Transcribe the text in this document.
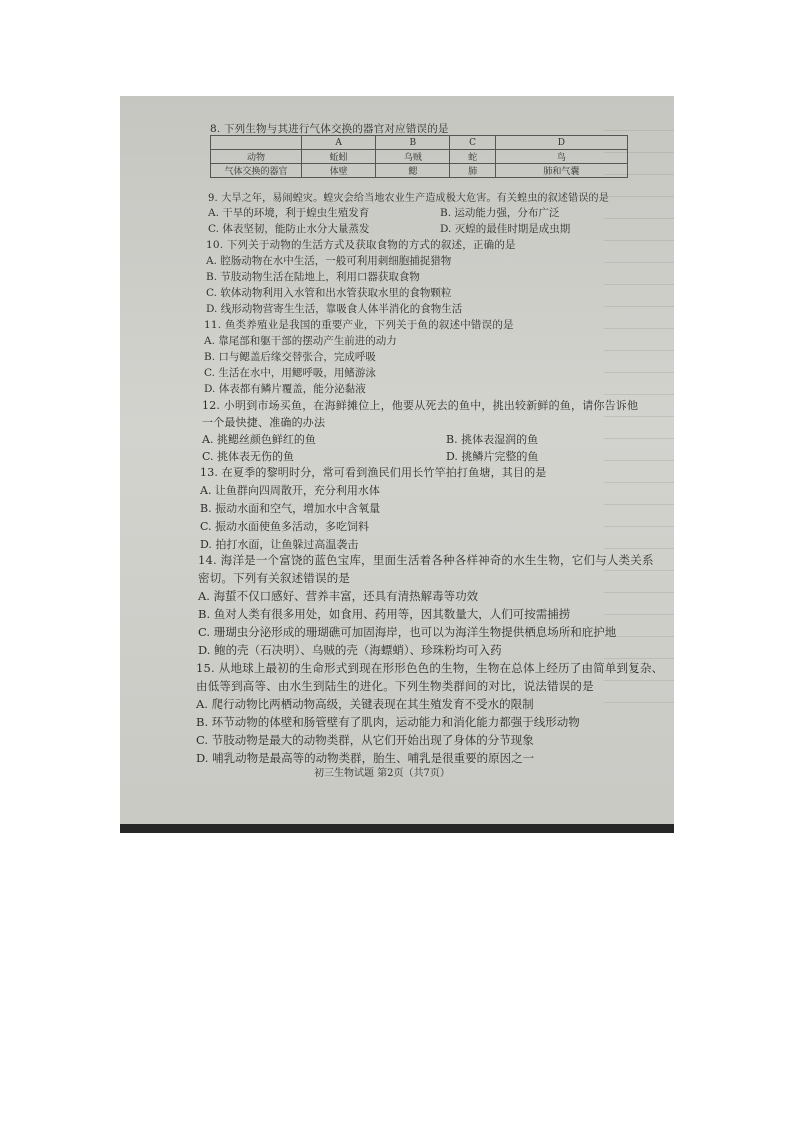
8. 下列生物与其进行气体交换的器官对应错误的是
	A	B	C	D
动物	蚯蚓	乌贼	蛇	鸟
气体交换的器官	体壁	鳃	肺	肺和气囊
9. 大旱之年，易闹蝗灾。蝗灾会给当地农业生产造成极大危害。有关蝗虫的叙述错误的是
A. 干旱的环境，利于蝗虫生殖发育	B. 运动能力强，分布广泛
C. 体表坚韧，能防止水分大量蒸发	D. 灭蝗的最佳时期是成虫期
10. 下列关于动物的生活方式及获取食物的方式的叙述，正确的是
A. 腔肠动物在水中生活，一般可利用刺细胞捕捉猎物
B. 节肢动物生活在陆地上，利用口器获取食物
C. 软体动物利用入水管和出水管获取水里的食物颗粒
D. 线形动物营寄生生活，靠吸食人体半消化的食物生活
11. 鱼类养殖业是我国的重要产业，下列关于鱼的叙述中错误的是
A. 靠尾部和躯干部的摆动产生前进的动力
B. 口与鳃盖后缘交替张合，完成呼吸
C. 生活在水中，用鳃呼吸，用鳍游泳
D. 体表都有鳞片覆盖，能分泌黏液
12. 小明到市场买鱼，在海鲜摊位上，他要从死去的鱼中，挑出较新鲜的鱼，请你告诉他
一个最快捷、准确的办法
A. 挑鳃丝颜色鲜红的鱼	B. 挑体表湿润的鱼
C. 挑体表无伤的鱼	D. 挑鳞片完整的鱼
13. 在夏季的黎明时分，常可看到渔民们用长竹竿拍打鱼塘，其目的是
A. 让鱼群向四周散开，充分利用水体
B. 振动水面和空气，增加水中含氧量
C. 振动水面使鱼多活动，多吃饲料
D. 拍打水面，让鱼躲过高温袭击
14. 海洋是一个富饶的蓝色宝库，里面生活着各种各样神奇的水生生物，它们与人类关系
密切。下列有关叙述错误的是
A. 海蜇不仅口感好、营养丰富，还具有清热解毒等功效
B. 鱼对人类有很多用处，如食用、药用等，因其数量大，人们可按需捕捞
C. 珊瑚虫分泌形成的珊瑚礁可加固海岸，也可以为海洋生物提供栖息场所和庇护地
D. 鲍的壳（石决明）、乌贼的壳（海螵蛸）、珍珠粉均可入药
15. 从地球上最初的生命形式到现在形形色色的生物，生物在总体上经历了由简单到复杂、
由低等到高等、由水生到陆生的进化。下列生物类群间的对比，说法错误的是
A. 爬行动物比两栖动物高级，关键表现在其生殖发育不受水的限制
B. 环节动物的体壁和肠管壁有了肌肉，运动能力和消化能力都强于线形动物
C. 节肢动物是最大的动物类群，从它们开始出现了身体的分节现象
D. 哺乳动物是最高等的动物类群，胎生、哺乳是很重要的原因之一
初三生物试题 第2页（共7页）
